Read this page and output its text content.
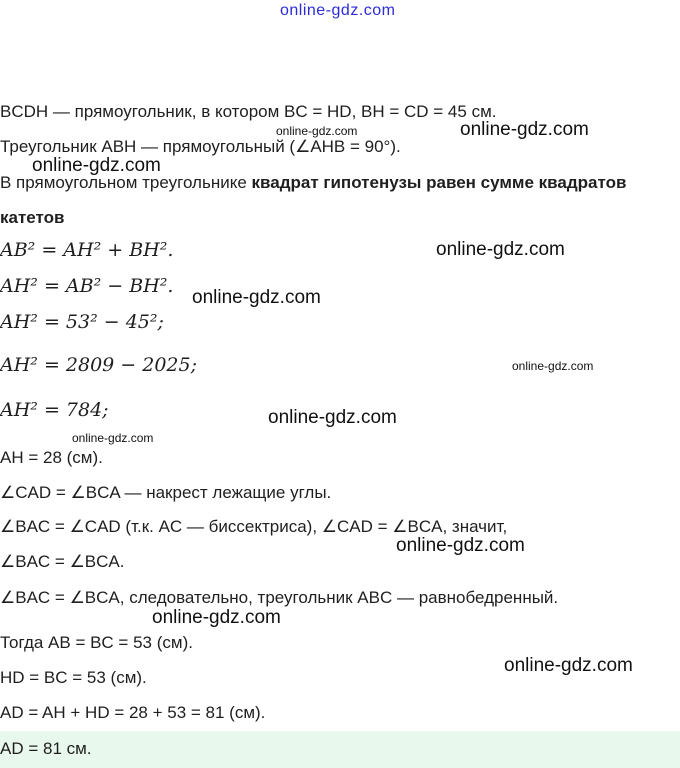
online-gdz.com
BCDH — прямоугольник, в котором BC = HD, BH = CD = 45 см.
Треугольник ABH — прямоугольный (∠AHB = 90°).
В прямоугольном треугольнике квадрат гипотенузы равен сумме квадратов
катетов
AB² = AH² + BH².
AH² = AB² − BH².
AH² = 53² − 45²;
AH² = 2809 − 2025;
AH² = 784;
AH = 28 (см).
∠CAD = ∠BCA — накрест лежащие углы.
∠BAC = ∠CAD (т.к. AC — биссектриса), ∠CAD = ∠BCA, значит,
∠BAC = ∠BCA.
∠BAC = ∠BCA, следовательно, треугольник ABC — равнобедренный.
Тогда AB = BC = 53 (см).
HD = BC = 53 (см).
AD = AH + HD = 28 + 53 = 81 (см).
AD = 81 см.
online-gdz.com	online-gdz.com
online-gdz.com
online-gdz.com
online-gdz.com
online-gdz.com
online-gdz.com
online-gdz.com
online-gdz.com
online-gdz.com
online-gdz.com
